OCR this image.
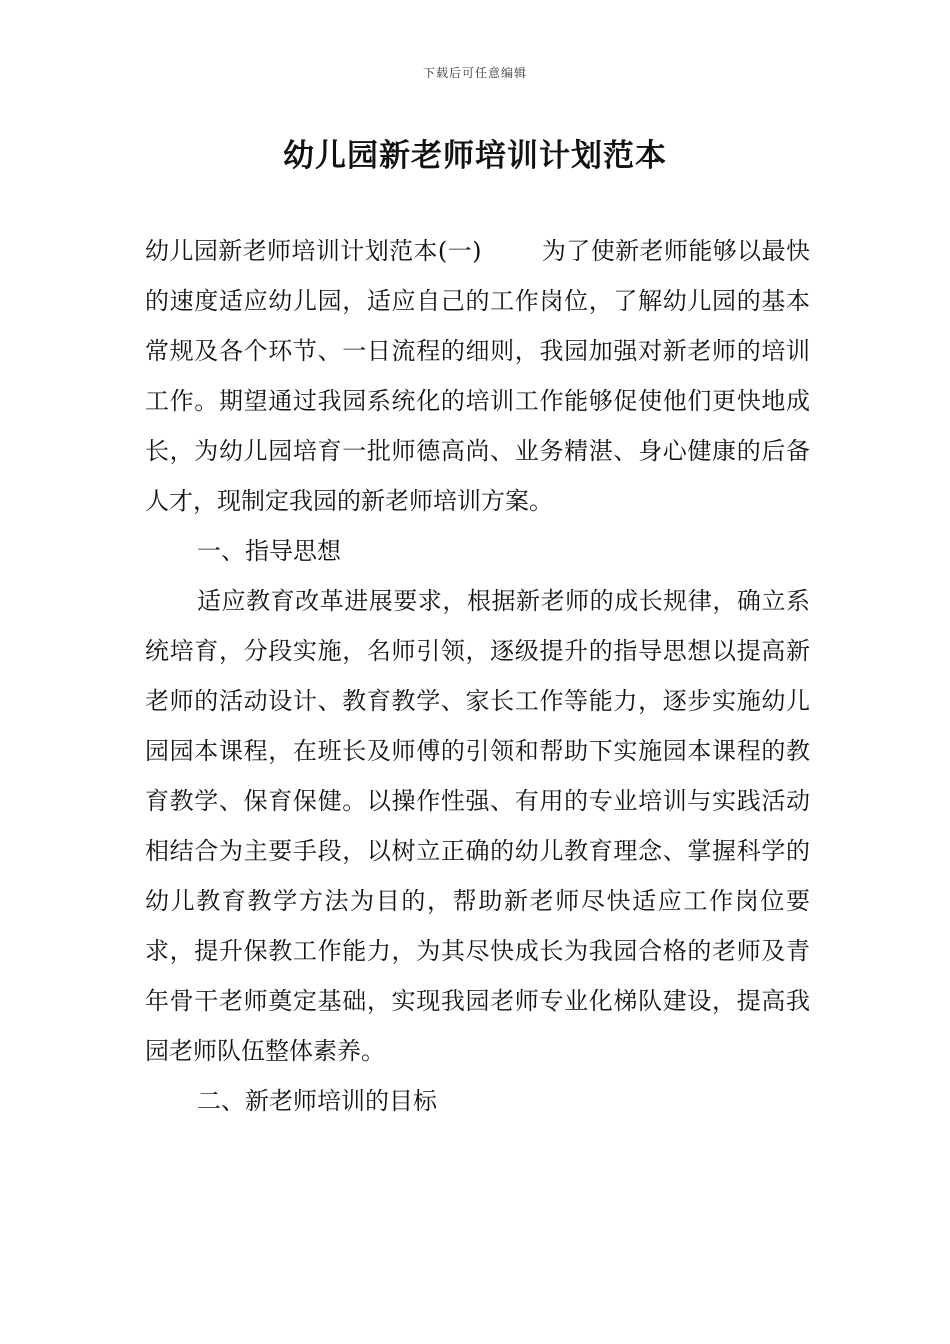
下载后可任意编辑
幼儿园新老师培训计划范本

幼儿园新老师培训计划范本(一)	为了使新老师能够以最快的速度适应幼儿园，适应自己的工作岗位，了解幼儿园的基本常规及各个环节、一日流程的细则，我园加强对新老师的培训工作。期望通过我园系统化的培训工作能够促使他们更快地成长，为幼儿园培育一批师德高尚、业务精湛、身心健康的后备人才，现制定我园的新老师培训方案。

一、指导思想

适应教育改革进展要求，根据新老师的成长规律，确立系统培育，分段实施，名师引领，逐级提升的指导思想以提高新老师的活动设计、教育教学、家长工作等能力，逐步实施幼儿园园本课程，在班长及师傅的引领和帮助下实施园本课程的教育教学、保育保健。以操作性强、有用的专业培训与实践活动相结合为主要手段，以树立正确的幼儿教育理念、掌握科学的幼儿教育教学方法为目的，帮助新老师尽快适应工作岗位要求，提升保教工作能力，为其尽快成长为我园合格的老师及青年骨干老师奠定基础，实现我园老师专业化梯队建设，提高我园老师队伍整体素养。

二、新老师培训的目标
